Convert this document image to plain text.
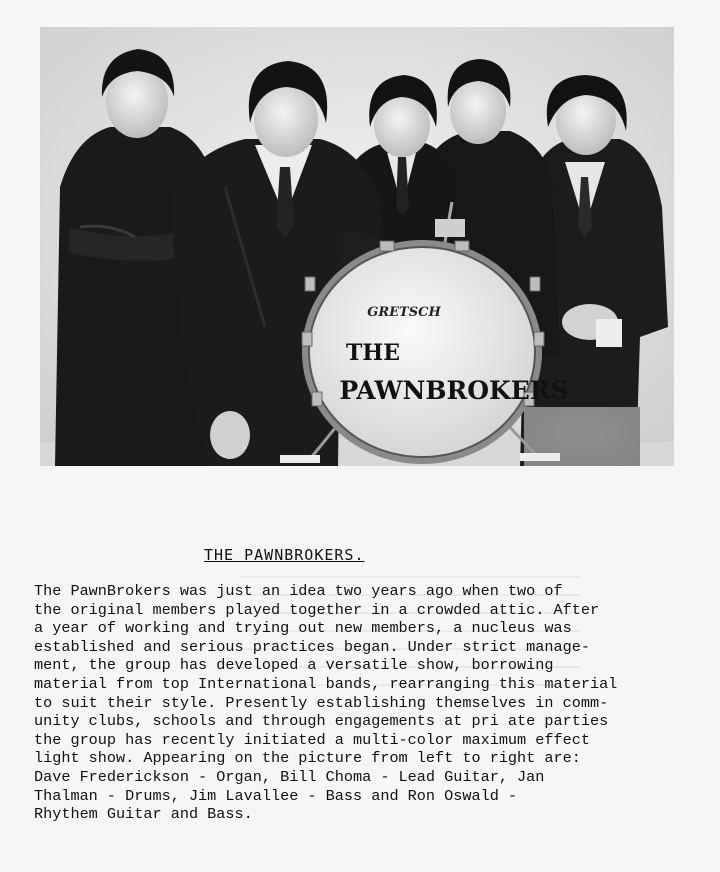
GRETSCH
THE
PAWNBROKERS
THE PAWNBROKERS.
The PawnBrokers was just an idea two years ago when two of
the original members played together in a crowded attic. After
a year of working and trying out new members, a nucleus was
established and serious practices began. Under strict manage-
ment, the group has developed a versatile show, borrowing
material from top International bands, rearranging this material
to suit their style. Presently establishing themselves in comm-
unity clubs, schools and through engagements at pri ate parties
the group has recently initiated a multi-color maximum effect
light show. Appearing on the picture from left to right are:
Dave Frederickson - Organ, Bill Choma - Lead Guitar, Jan
Thalman - Drums, Jim Lavallee - Bass and Ron Oswald -
Rhythem Guitar and Bass.
